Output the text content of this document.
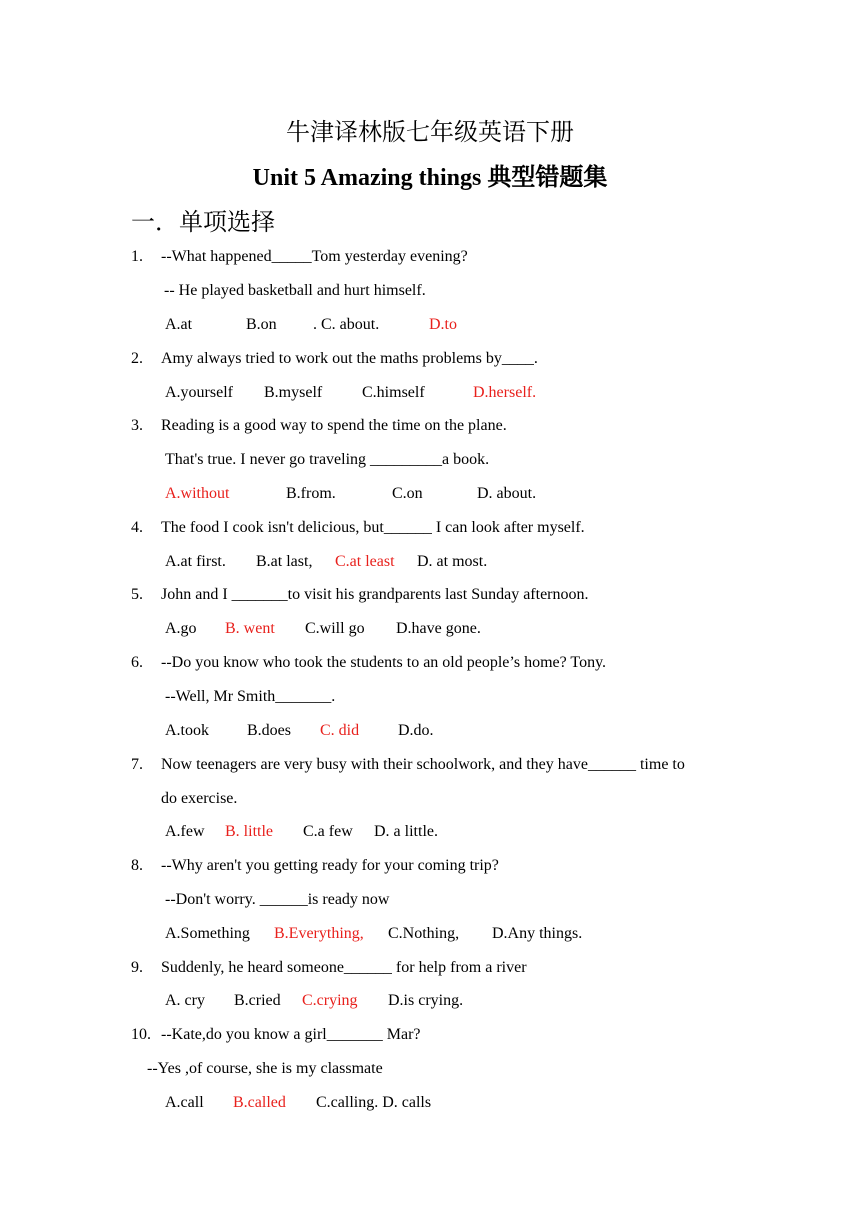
牛津译林版七年级英语下册
Unit 5 Amazing things 典型错题集
一．单项选择
1. --What happened_____Tom yesterday evening?
-- He played basketball and hurt himself.
A.at	B.on . C. about.	D.to
2. Amy always tried to work out the maths problems by____.
A.yourself B.myself C.himself	D.herself.
3. Reading is a good way to spend the time on the plane.
That's true. I never go traveling _________a book.
A.without	B.from.	C.on	D. about.
4. The food I cook isn't delicious, but______ I can look after myself.
A.at first. B.at last, C.at least D. at most.
5. John and I _______to visit his grandparents last Sunday afternoon.
A.go B. went C.will go D.have gone.
6. --Do you know who took the students to an old people’s home? Tony.
--Well, Mr Smith_______.
A.took B.does C. did D.do.
7. Now teenagers are very busy with their schoolwork, and they have______ time to
do exercise.
A.few B. little C.a few D. a little.
8. --Why aren't you getting ready for your coming trip?
--Don't worry. ______is ready now
A.Something B.Everything, C.Nothing, D.Any things.
9. Suddenly, he heard someone______ for help from a river
A. cry B.cried C.crying D.is crying.
10. --Kate,do you know a girl_______ Mar?
--Yes ,of course, she is my classmate
A.call B.called C.calling. D. calls
